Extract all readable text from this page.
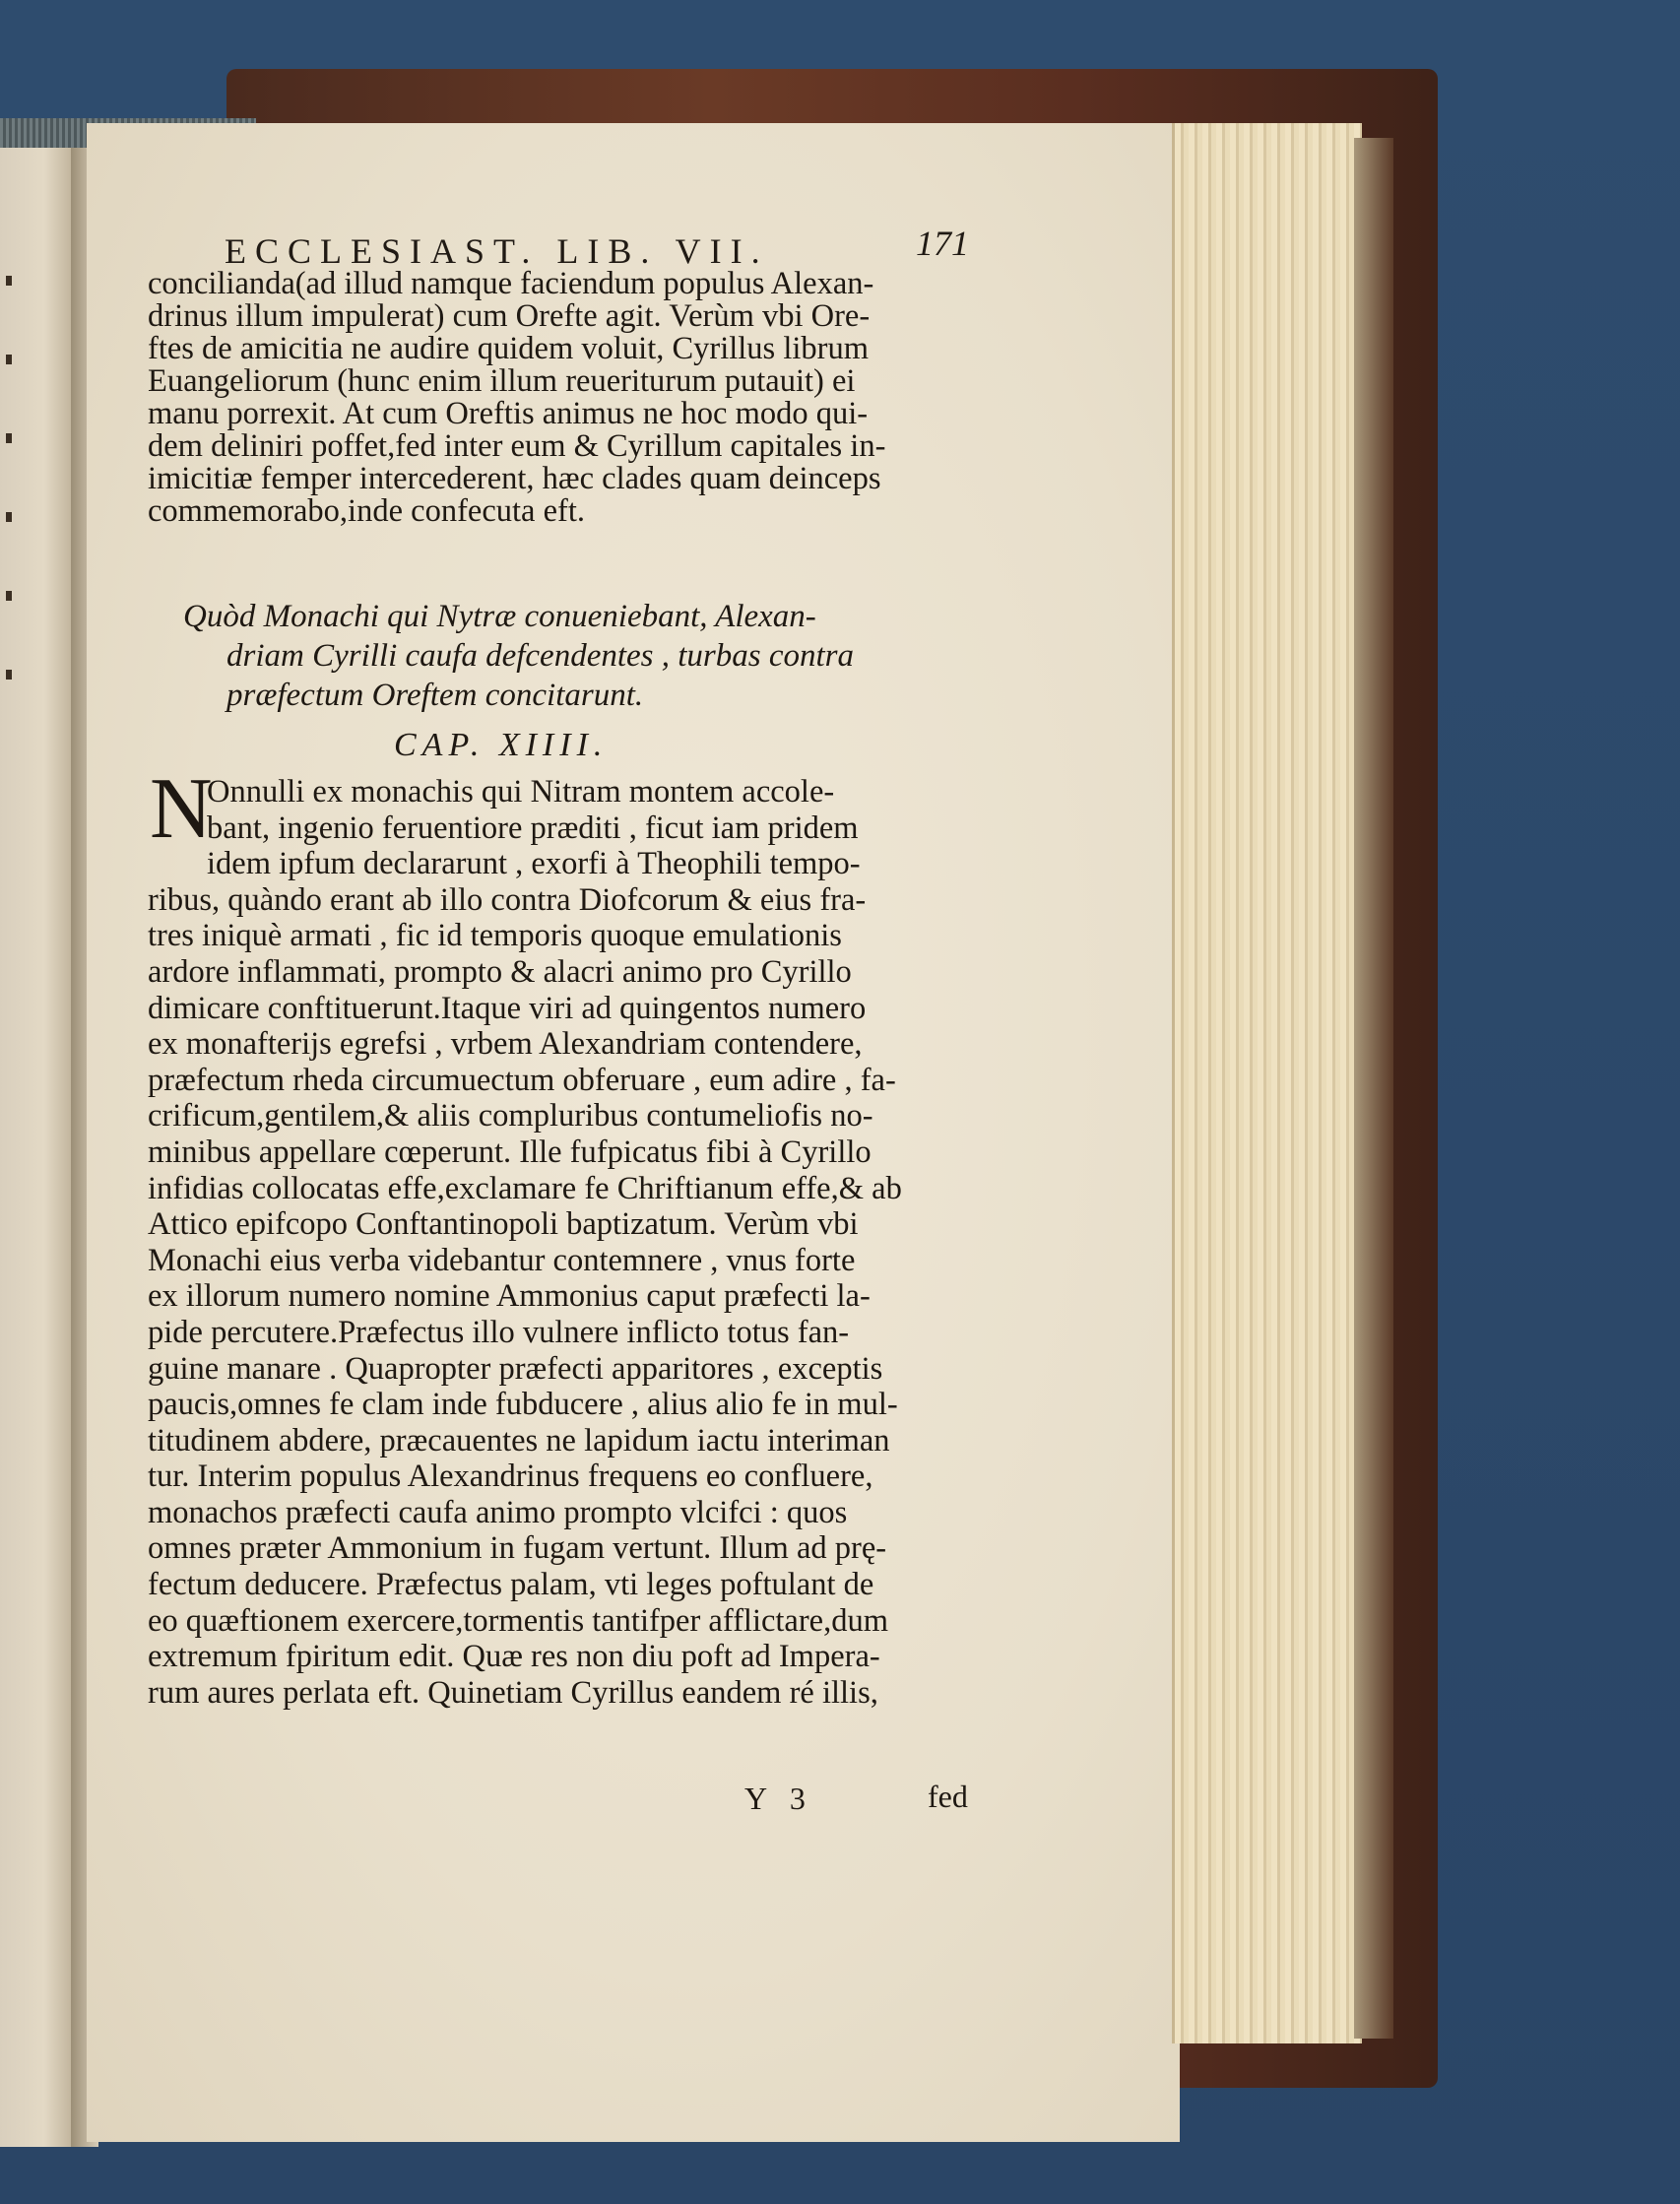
ECCLESIAST. LIB. VII.	171
concilianda(ad illud namque faciendum populus Alexan-
drinus illum impulerat) cum Orefte agit. Verùm vbi Ore-
ftes de amicitia ne audire quidem voluit, Cyrillus librum
Euangeliorum (hunc enim illum reueriturum putauit) ei
manu porrexit. At cum Oreftis animus ne hoc modo qui-
dem deliniri poffet,fed inter eum & Cyrillum capitales in-
imicitiæ femper intercederent, hæc clades quam deinceps
commemorabo,inde confecuta eft.
Quòd Monachi qui Nytræ conueniebant, Alexan-
driam Cyrilli caufa defcendentes , turbas contra
præfectum Oreftem concitarunt.
CAP. XIIII.
N
Onnulli ex monachis qui Nitram montem accole-
bant, ingenio feruentiore præditi , ficut iam pridem
idem ipfum declararunt , exorfi à Theophili tempo-
ribus, quàndo erant ab illo contra Diofcorum & eius fra-
tres iniquè armati , fic id temporis quoque emulationis
ardore inflammati, prompto & alacri animo pro Cyrillo
dimicare conftituerunt.Itaque viri ad quingentos numero
ex monafterijs egrefsi , vrbem Alexandriam contendere,
præfectum rheda circumuectum obferuare , eum adire , fa-
crificum,gentilem,& aliis compluribus contumeliofis no-
minibus appellare cœperunt. Ille fufpicatus fibi à Cyrillo
infidias collocatas effe,exclamare fe Chriftianum effe,& ab
Attico epifcopo Conftantinopoli baptizatum. Verùm vbi
Monachi eius verba videbantur contemnere , vnus forte
ex illorum numero nomine Ammonius caput præfecti la-
pide percutere.Præfectus illo vulnere inflicto totus fan-
guine manare . Quapropter præfecti apparitores , exceptis
paucis,omnes fe clam inde fubducere , alius alio fe in mul-
titudinem abdere, præcauentes ne lapidum iactu interiman
tur. Interim populus Alexandrinus frequens eo confluere,
monachos præfecti caufa animo prompto vlcifci : quos
omnes præter Ammonium in fugam vertunt. Illum ad prę-
fectum deducere. Præfectus palam, vti leges poftulant de
eo quæftionem exercere,tormentis tantifper afflictare,dum
extremum fpiritum edit. Quæ res non diu poft ad Impera-
rum aures perlata eft. Quinetiam Cyrillus eandem ré illis,
Y 3	fed
